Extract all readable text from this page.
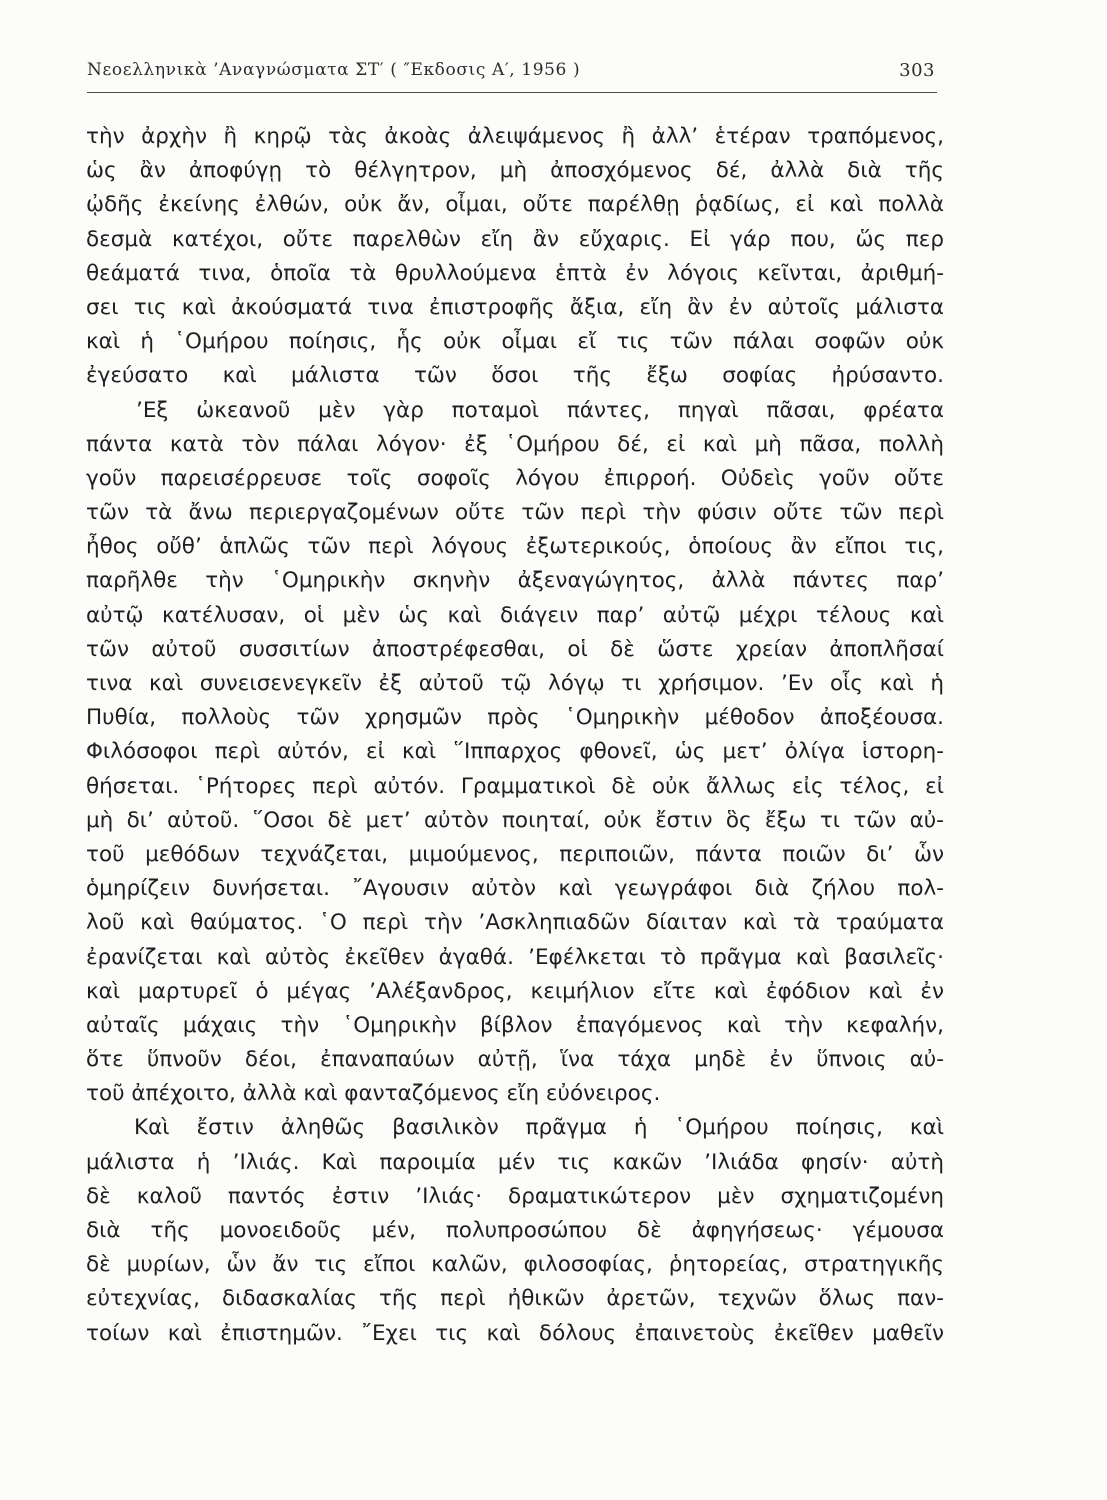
Νεοελληνικὰ ’Αναγνώσματα ΣΤ′ ( ″Εκδοσις Α′, 1956 )	303
τὴν ἀρχὴν ἢ κηρῷ τὰς ἀκοὰς ἀλειψάμενος ἢ ἀλλ’ ἑτέραν τραπόμενος,
ὡς ἂν ἀποφύγῃ τὸ θέλγητρον, μὴ ἀποσχόμενος δέ, ἀλλὰ διὰ τῆς
ᾠδῆς ἐκείνης ἐλθών, οὐκ ἄν, οἶμαι, οὔτε παρέλθῃ ῥᾳδίως, εἰ καὶ πολλὰ
δεσμὰ κατέχοι, οὔτε παρελθὼν εἴη ἂν εὔχαρις. Εἰ γάρ που, ὥς περ
θεάματά τινα, ὁποῖα τὰ θρυλλούμενα ἑπτὰ ἐν λόγοις κεῖνται, ἀριθμή-
σει τις καὶ ἀκούσματά τινα ἐπιστροφῆς ἄξια, εἴη ἂν ἐν αὐτοῖς μάλιστα
καὶ ἡ ῾Ομήρου ποίησις, ἧς οὐκ οἶμαι εἴ τις τῶν πάλαι σοφῶν οὐκ
ἐγεύσατο καὶ μάλιστα τῶν ὅσοι τῆς ἔξω σοφίας ἠρύσαντο.
’Εξ ὠκεανοῦ μὲν γὰρ ποταμοὶ πάντες, πηγαὶ πᾶσαι, φρέατα
πάντα κατὰ τὸν πάλαι λόγον· ἐξ ῾Ομήρου δέ, εἰ καὶ μὴ πᾶσα, πολλὴ
γοῦν παρεισέρρευσε τοῖς σοφοῖς λόγου ἐπιρροή. Οὐδεὶς γοῦν οὔτε
τῶν τὰ ἄνω περιεργαζομένων οὔτε τῶν περὶ τὴν φύσιν οὔτε τῶν περὶ
ἦθος οὔθ’ ἁπλῶς τῶν περὶ λόγους ἐξωτερικούς, ὁποίους ἂν εἴποι τις,
παρῆλθε τὴν ῾Ομηρικὴν σκηνὴν ἀξεναγώγητος, ἀλλὰ πάντες παρ’
αὐτῷ κατέλυσαν, οἱ μὲν ὡς καὶ διάγειν παρ’ αὐτῷ μέχρι τέλους καὶ
τῶν αὐτοῦ συσσιτίων ἀποστρέφεσθαι, οἱ δὲ ὥστε χρείαν ἀποπλῆσαί
τινα καὶ συνεισενεγκεῖν ἐξ αὐτοῦ τῷ λόγῳ τι χρήσιμον. ’Εν οἷς καὶ ἡ
Πυθία, πολλοὺς τῶν χρησμῶν πρὸς ῾Ομηρικὴν μέθοδον ἀποξέουσα.
Φιλόσοφοι περὶ αὐτόν, εἰ καὶ ῞Ιππαρχος φθονεῖ, ὡς μετ’ ὀλίγα ἱστορη-
θήσεται. ῾Ρήτορες περὶ αὐτόν. Γραμματικοὶ δὲ οὐκ ἄλλως εἰς τέλος, εἰ
μὴ δι’ αὐτοῦ. ῞Οσοι δὲ μετ’ αὐτὸν ποιηταί, οὐκ ἔστιν ὃς ἔξω τι τῶν αὐ-
τοῦ μεθόδων τεχνάζεται, μιμούμενος, περιποιῶν, πάντα ποιῶν δι’ ὧν
ὁμηρίζειν δυνήσεται. ῎Αγουσιν αὐτὸν καὶ γεωγράφοι διὰ ζήλου πολ-
λοῦ καὶ θαύματος. ῾Ο περὶ τὴν ’Ασκληπιαδῶν δίαιταν καὶ τὰ τραύματα
ἐρανίζεται καὶ αὐτὸς ἐκεῖθεν ἀγαθά. ’Εφέλκεται τὸ πρᾶγμα καὶ βασιλεῖς·
καὶ μαρτυρεῖ ὁ μέγας ’Αλέξανδρος, κειμήλιον εἴτε καὶ ἐφόδιον καὶ ἐν
αὐταῖς μάχαις τὴν ῾Ομηρικὴν βίβλον ἐπαγόμενος καὶ τὴν κεφαλήν,
ὅτε ὕπνοῦν δέοι, ἐπαναπαύων αὐτῇ, ἵνα τάχα μηδὲ ἐν ὕπνοις αὐ-
τοῦ ἀπέχοιτο, ἀλλὰ καὶ φανταζόμενος εἴη εὐόνειρος.
Καὶ ἔστιν ἀληθῶς βασιλικὸν πρᾶγμα ἡ ῾Ομήρου ποίησις, καὶ
μάλιστα ἡ ’Ιλιάς. Καὶ παροιμία μέν τις κακῶν ’Ιλιάδα φησίν· αὐτὴ
δὲ καλοῦ παντός ἐστιν ’Ιλιάς· δραματικώτερον μὲν σχηματιζομένη
διὰ τῆς μονοειδοῦς μέν, πολυπροσώπου δὲ ἀφηγήσεως· γέμουσα
δὲ μυρίων, ὧν ἄν τις εἴποι καλῶν, φιλοσοφίας, ῥητορείας, στρατηγικῆς
εὐτεχνίας, διδασκαλίας τῆς περὶ ἠθικῶν ἀρετῶν, τεχνῶν ὅλως παν-
τοίων καὶ ἐπιστημῶν. ῎Εχει τις καὶ δόλους ἐπαινετοὺς ἐκεῖθεν μαθεῖν
